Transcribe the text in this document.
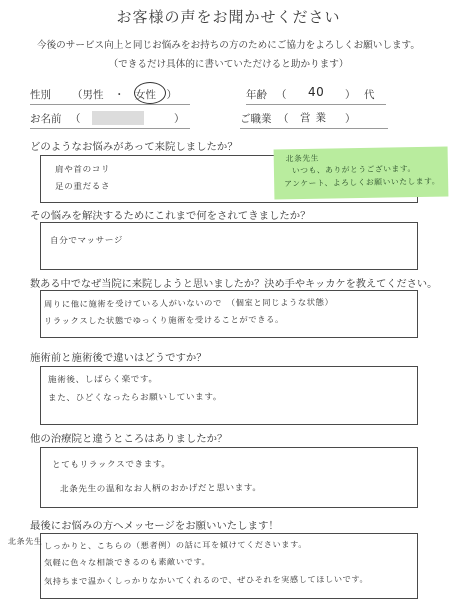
お客様の声をお聞かせください
今後のサービス向上と同じお悩みをお持ちの方のためにご協力をよろしくお願いします。
（できるだけ具体的に書いていただけると助かります）
性別 （男性　・　女性　）	年齢 （ 40 ） 代
お名前 （	）	ご職業 （ 営業 ）
どのようなお悩みがあって来院しましたか？
肩や首のコリ
足の重だるさ
北条先生
いつも、ありがとうございます。
アンケート、よろしくお願いいたします。
その悩みを解決するためにこれまで何をされてきましたか？
自分でマッサージ
数ある中でなぜ当院に来院しようと思いましたか？決め手やキッカケを教えてください。
周りに他に施術を受けている人がいないので　（個室と同じような状態）
リラックスした状態でゆっくり施術を受けることができる。
施術前と施術後で違いはどうですか？
施術後、しばらく楽です。
また、ひどくなったらお願いしています。
他の治療院と違うところはありましたか？
とてもリラックスできます。
北条先生の温和なお人柄のおかげだと思います。
最後にお悩みの方へメッセージをお願いいたします！
北条先生 しっかりと、こちらの（悪者例）の話に耳を傾けてくださいます。
気軽に色々な相談できるのも素敵いです。
気持ちまで温かくしっかりなかいてくれるので、ぜひそれを実感してほしいです。
